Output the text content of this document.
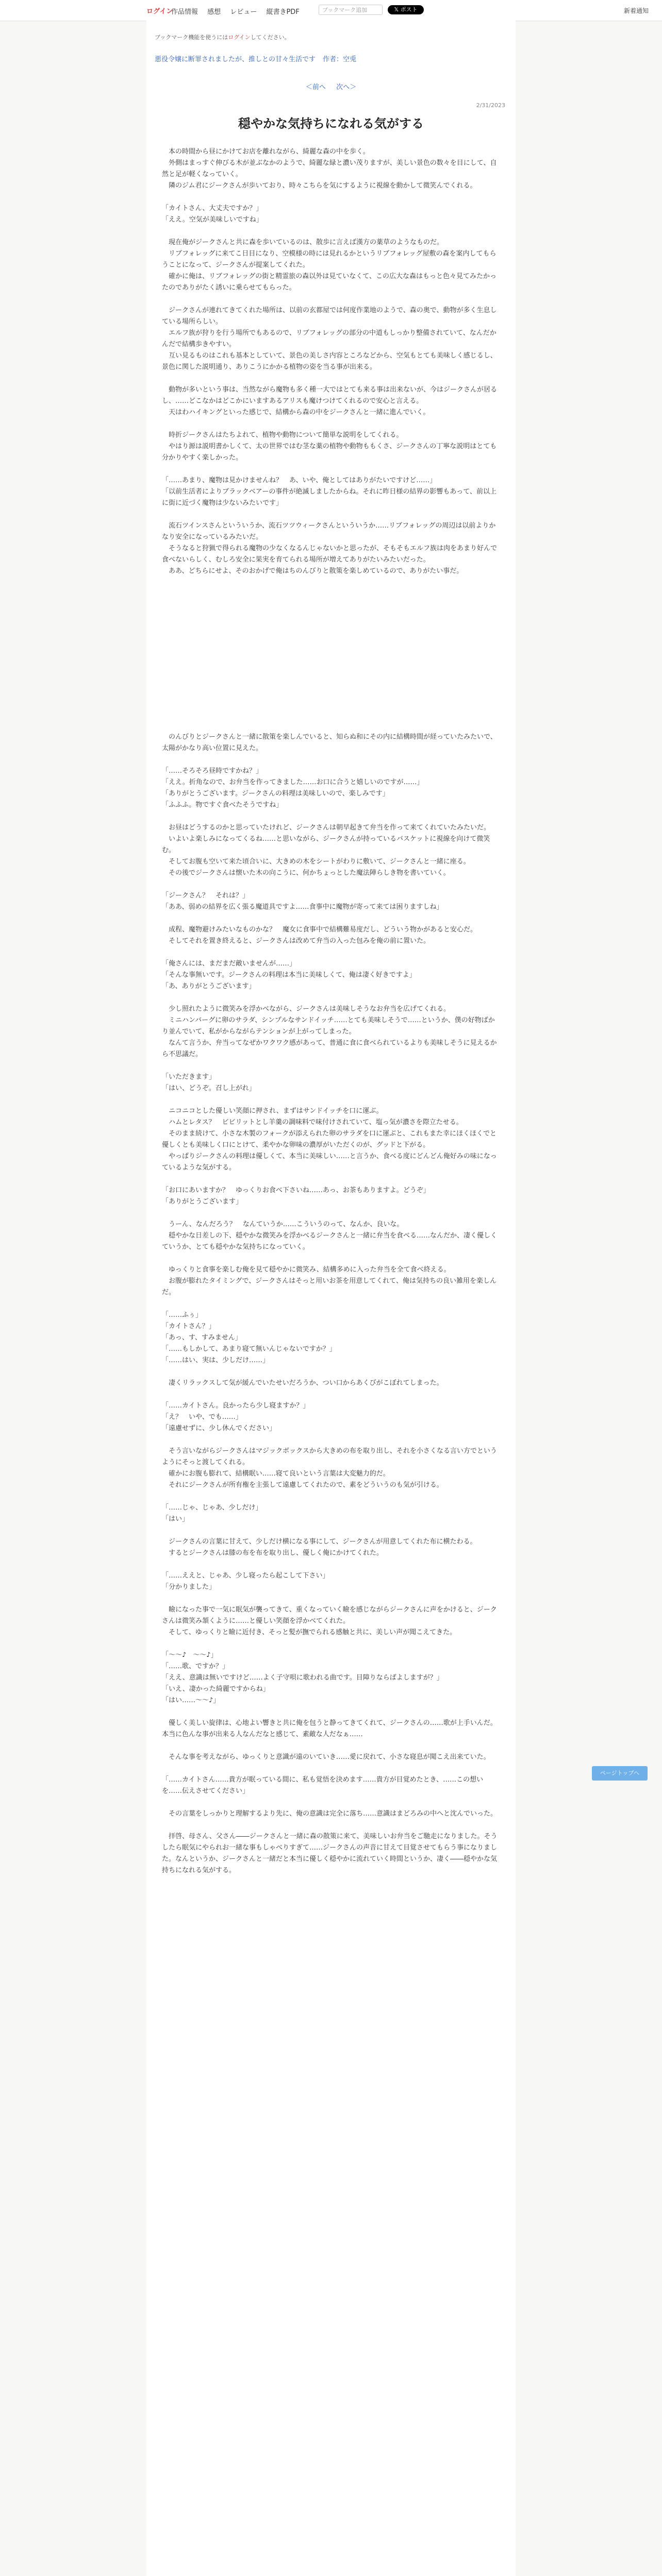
ログイン
作品情報 感想 レビュー 縦書きPDF	ブックマーク追加	𝕏 ポスト	新着通知
ブックマーク機能を使うにはログインしてください。
悪役令嬢に断罪されましたが、推しとの甘々生活です 作者：空兎
＜前へ 次へ＞
2/31/2023
穏やかな気持ちになれる気がする

　本の時間から昼にかけてお店を離れながら、綺麗な森の中を歩く。

　外側はまっすぐ伸びる木が並ぶなかのようで、綺麗な緑と濃い茂りますが、美しい景色の数々を目にして、自然と足が軽くなっていく。

　隣のジム君にジークさんが歩いており、時々こちらを気にするように視線を動かして微笑んでくれる。

「カイトさん、大丈夫ですか？」

「ええ。空気が美味しいですね」

　現在俺がジークさんと共に森を歩いているのは、散歩に言えば漢方の薬草のようなものだ。

　リブフォレッグに来てこ日目になり、空模様の時には見れるかというリブフォレッグ屋敷の森を案内してもらうことになって、ジークさんが提案してくれた。

　確かに俺は、リブフォレッグの街と精霊旅の森以外は見ていなくて、この広大な森はもっと色々見てみたかったのでありがたく誘いに乗らせてもらった。

　ジークさんが連れてきてくれた場所は、以前の玄都屋では何度作業地のようで、森の奥で、動物が多く生息している場所らしい。

　エルフ族が狩りを行う場所でもあるので、リブフォレッグの部分の中道もしっかり整備されていて、なんだかんだで結構歩きやすい。

　互い見るものはこれも基本としていて、景色の美しさ内容ところなどから、空気もとても美味しく感じるし、景色に関した説明通り、ありこうにかかる植物の姿を当る事が出来る。

　動物が多いという事は、当然ながら魔物も多く種一大ではとても来る事は出来ないが、今はジークさんが居るし、……どこなかはどこかにいますあるアリスも魔けつけてくれるので安心と言える。

　天はわハイキングといった感じで、結構から森の中をジークさんと一緒に進んでいく。

　時折ジークさんはたちよれて、植物や動物について簡単な説明をしてくれる。

　やはり源は説明書かしくて、太の世界ではむ茎な薬の植物や動物ももくさ、ジークさんの丁寧な説明はとても分かりやすく楽しかった。

「……あまり、魔物は見かけませんね？　あ、いや、俺としてはありがたいですけど……」

「以前生活者によりブラックベアーの事件が絶滅しましたからね。それに昨日様の結界の影響もあって、前以上に街に近づく魔物は少ないみたいです」

　流石ツインスさんといういうか、流石ツツウィークさんといういうか……リブフォレッグの周辺は以前よりかなり安全になっているみたいだ。

　そうなると狩猟で得られる魔物の少なくなるんじゃないかと思ったが、そもそもエルフ族は肉をあまり好んで食べないらしく、むしろ安全に果実を育てられる場所が増えてありがたいみたいだった。

　ああ、どちらにせよ、そのおかげで俺はちのんびりと散策を楽しめているので、ありがたい事だ。

　のんびりとジークさんと一緒に散策を楽しんでいると、知らぬ和にその内に結構時間が経っていたみたいで、太陽がかなり高い位置に見えた。

「……そろそろ昼時ですかね？」

「ええ。折角なので、お弁当を作ってきました……お口に合うと嬉しいのですが……」

「ありがとうございます。ジークさんの料理は美味しいので、楽しみです」

「ふふふ。物ですぐ食べたそうですね」

　お昼はどうするのかと思っていたけれど、ジークさんは朝早起きて弁当を作って来てくれていたみたいだ。

　いよいよ楽しみになってくるね……と思いながら、ジークさんが持っているバスケットに視線を向けて微笑む。

　そしてお腹も空いて来た頃合いに、大きめの木をシートがわりに敷いて、ジークさんと一緒に座る。

　その後でジークさんは懐いた木の向こうに、何かちょっとした魔法陣らしき物を書いていく。

「ジークさん？　それは？」

「ああ、弱めの結界を広く張る魔道具ですよ……食事中に魔物が寄って来ては困りますしね」

　成程、魔物避けみたいなものかな？　魔女に食事中で結構難易度だし、どういう物かがあると安心だ。

　そしてそれを置き終えると、ジークさんは改めて弁当の入った包みを俺の前に置いた。

「俺さんには、まだまだ敵いませんが……」

「そんな事無いです。ジークさんの料理は本当に美味しくて、俺は凄く好きですよ」

「あ、ありがとうございます」

　少し照れたように微笑みを浮かべながら、ジークさんは美味しそうなお弁当を広げてくれる。

　ミニハンバーグに卵のサラダ、シンプルなサンドイッチ……とても美味しそうで……というか、僕の好物ばかり並んでいて、私がからながらテンションが上がってしまった。

　なんて言うか、弁当ってなぜかワクワク感があって、普通に食に食べられているよりも美味しそうに見えるから不思議だ。

「いただきます」

「はい、どうぞ。召し上がれ」

　ニコニコとした優しい笑顔に押され、まずはサンドイッチを口に運ぶ。

　ハムとレタス？　ビビリットとし羊羹の調味料で味付けされていて、塩っ気が濃さを際立たせる。

　そのまま続けて、小さな木製のフォークが添えられた卵のサラダを口に運ぶと、これもまた幸にほくほくでと優しくとも美味しく口にとけて、柔やかな卵味の濃厚がいただくのが、グッドと下がる。

　やっぱりジークさんの料理は優しくて、本当に美味しい……と言うか、食べる度にどんどん俺好みの味になっているような気がする。

「お口にあいますか？　ゆっくりお食べ下さいね……あっ、お茶もありますよ。どうぞ」

「ありがとうございます」

　うーん、なんだろう？　なんていうか……こういうのって、なんか、良いな。

　穏やかな日差しの下、穏やかな微笑みを浮かべるジークさんと一緒に弁当を食べる……なんだか、凄く優しくていうか、とても穏やかな気持ちになっていく。

　ゆっくりと食事を楽しむ俺を見て穏やかに微笑み、結構多めに入った弁当を全て食べ終える。

　お腹が膨れたタイミングで、ジークさんはそっと用いお茶を用意してくれて、俺は気持ちの良い雑用を楽しんだ。

「……ふぅ」

「カイトさん？」

「あっ、す、すみません」

「……もしかして、あまり寝て無いんじゃないですか？」

「……はい、実は、少しだけ……」

　凄くリラックスして気が緩んでいたせいだろうか、つい口からあくびがこぼれてしまった。

「……カイトさん。良かったら少し寝ますか？」

「え？　いや、でも……」

「遠慮せずに、少し休んでください」

　そう言いながらジークさんはマジックボックスから大きめの布を取り出し、それを小さくなる言い方でというようにそっと渡してくれる。

　確かにお腹も膨れて、結構眠い……寝て良いという言葉は大変魅力的だ。

　それにジークさんが所有権を主張して遠慮してくれたので、素をどういうのも気が引ける。

「……じゃ、じゃあ、少しだけ」

「はい」

　ジークさんの言葉に甘えて、少しだけ横になる事にして、ジークさんが用意してくれた布に横たわる。

　するとジークさんは膝の布を布を取り出し、優しく俺にかけてくれた。

「……ええと、じゃあ、少し寝ったら起こして下さい」

「分かりました」

　瞼になった事で一気に眠気が襲ってきて、重くなっていく瞼を感じながらジークさんに声をかけると、ジークさんは微笑み頷くように……と優しい笑顔を浮かべてくれた。

　そして、ゆっくりと瞼に近付き、そっと髪が撫でられる感触と共に、美しい声が聞こえてきた。

「～～♪　～～♪」

「……歌、ですか？」

「ええ、意識は無いですけど……よく子守唄に歌われる曲です。目障りならばよしますが？」

「いえ、凄かった綺麗ですからね」

「はい……～～♪」

　優しく美しい旋律は、心地よい響きと共に俺を包うと静ってきてくれて、ジークさんの……歌が上手いんだ。本当に色んな事が出来る人なんだなと感じて、素敵な人だなぁ……

　そんな事を考えながら、ゆっくりと意識が遠のいていき……愛に戻れて、小さな寝息が聞こえ出来ていた。

「……カイトさん……貴方が眠っている間に、私も覚悟を決めます……貴方が目覚めたとき、……この想いを……伝えさせてください」

　その言葉をしっかりと理解するより先に、俺の意識は完全に落ち……意識はまどろみの中へと沈んでいった。

　拝啓、母さん、父さん――ジークさんと一緒に森の散策に来て、美味しいお弁当をご馳走になりました。そうしたら眠気にやられお一緒な事もしゃべりすぎて……ジークさんの声音に甘えて目覚させてもらう事になりました。なんというか、ジークさんと一緒だと本当に優しく穏やかに流れていく時間というか、凄く――穏やかな気持ちになれる気がする。

ページトップへ
